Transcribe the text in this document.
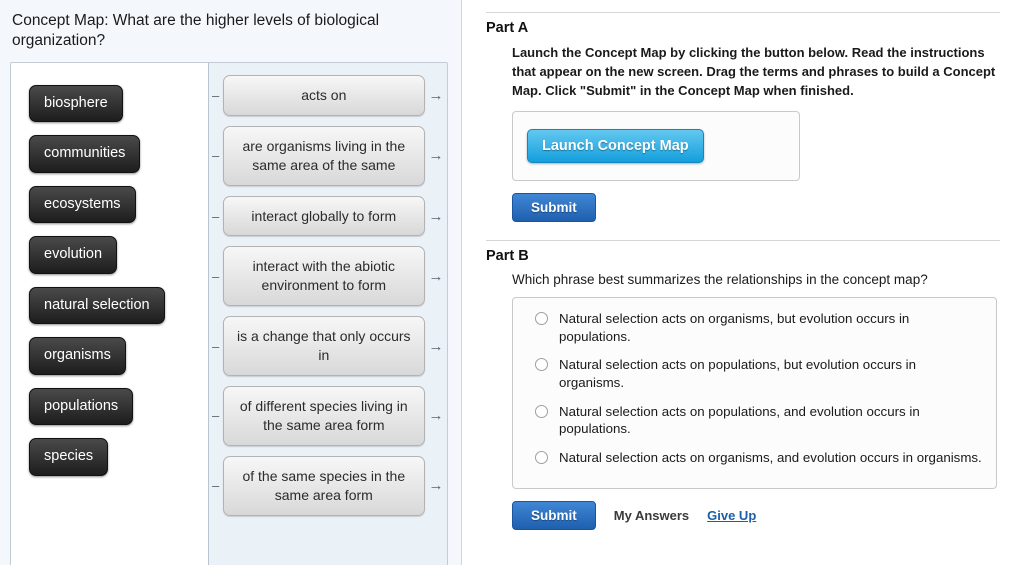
Concept Map: What are the higher levels of biological organization?
biosphere
communities
ecosystems
evolution
natural selection
organisms
populations
species
–	acts on	→
–
are organisms living in the same area of the same
→
–	interact globally to form	→
–
interact with the abiotic environment to form
→
–
is a change that only occurs in
→
–
of different species living in the same area form
→
–
of the same species in the same area form
→
Part A
Launch the Concept Map by clicking the button below. Read the instructions that appear on the new screen. Drag the terms and phrases to build a Concept Map. Click "Submit" in the Concept Map when finished.
Launch Concept Map
Submit
Part B
Which phrase best summarizes the relationships in the concept map?
Natural selection acts on organisms, but evolution occurs in populations.
Natural selection acts on populations, but evolution occurs in organisms.
Natural selection acts on populations, and evolution occurs in populations.
Natural selection acts on organisms, and evolution occurs in organisms.
Submit	My Answers Give Up
